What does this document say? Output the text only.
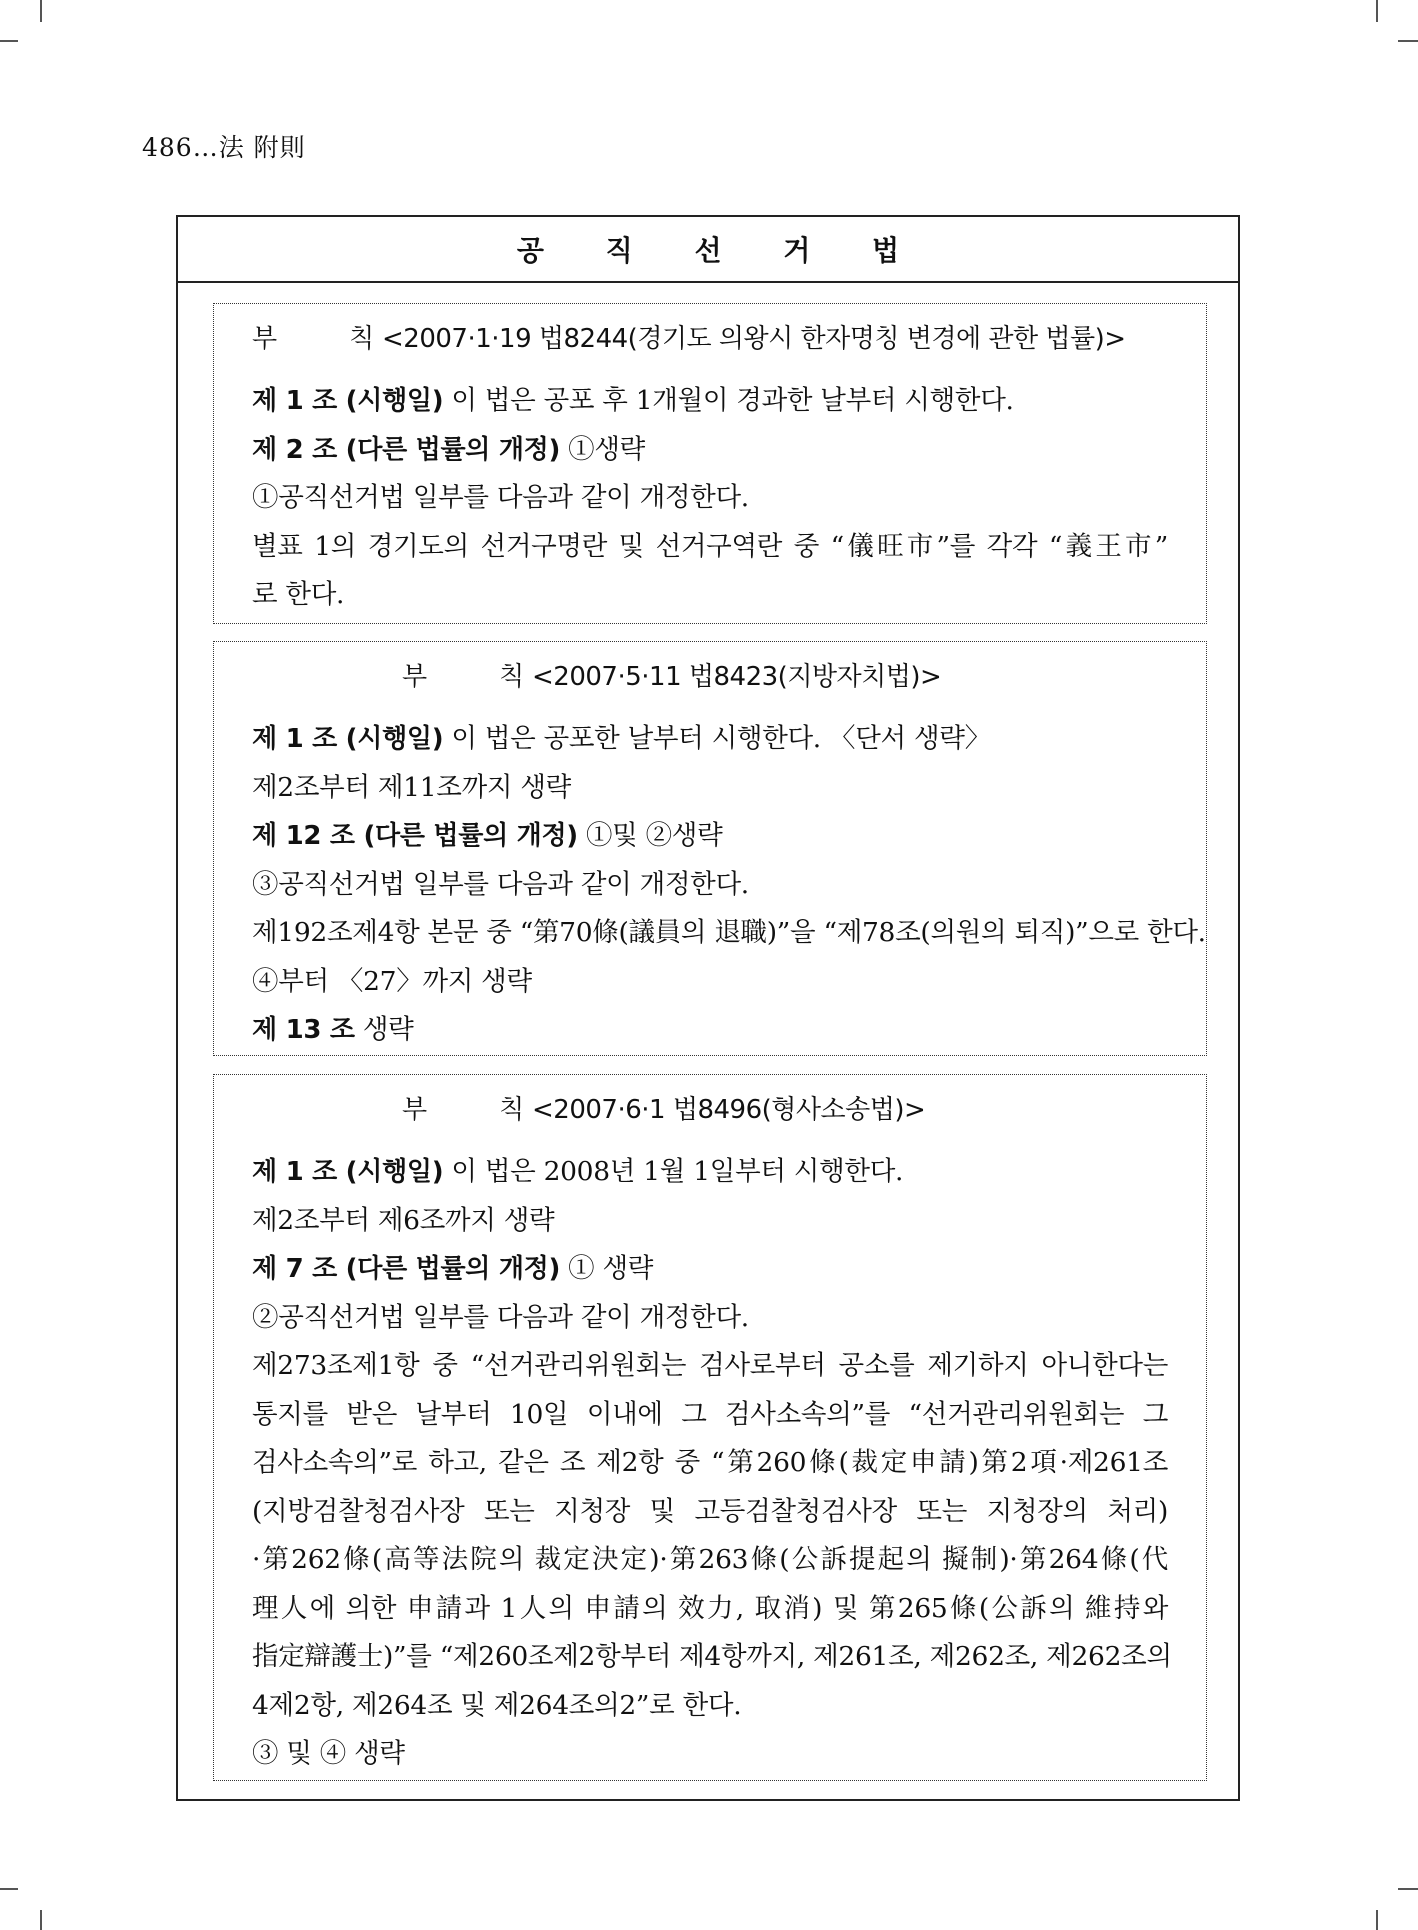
486…法 附則
공 직 선 거 법
부	칙 <2007·1·19 법8244(경기도 의왕시 한자명칭 변경에 관한 법률)>
제 1 조 (시행일) 이 법은 공포 후 1개월이 경과한 날부터 시행한다.
제 2 조 (다른 법률의 개정) ①생략
①공직선거법 일부를 다음과 같이 개정한다.
별표 1의 경기도의 선거구명란 및 선거구역란 중 “儀旺市”를 각각 “義王市”
로 한다.
부	칙 <2007·5·11 법8423(지방자치법)>
제 1 조 (시행일) 이 법은 공포한 날부터 시행한다. 〈단서 생략〉
제2조부터 제11조까지 생략
제 12 조 (다른 법률의 개정) ①및 ②생략
③공직선거법 일부를 다음과 같이 개정한다.
제192조제4항 본문 중 “第70條(議員의 退職)”을 “제78조(의원의 퇴직)”으로 한다.
④부터 〈27〉까지 생략
제 13 조 생략
부	칙 <2007·6·1 법8496(형사소송법)>
제 1 조 (시행일) 이 법은 2008년 1월 1일부터 시행한다.
제2조부터 제6조까지 생략
제 7 조 (다른 법률의 개정) ① 생략
②공직선거법 일부를 다음과 같이 개정한다.
제273조제1항 중 “선거관리위원회는 검사로부터 공소를 제기하지 아니한다는
통지를 받은 날부터 10일 이내에 그 검사소속의”를 “선거관리위원회는 그
검사소속의”로 하고, 같은 조 제2항 중 “第260條(裁定申請)第2項·제261조
(지방검찰청검사장 또는 지청장 및 고등검찰청검사장 또는 지청장의 처리)
·第262條(高等法院의 裁定決定)·第263條(公訴提起의 擬制)·第264條(代
理人에 의한 申請과 1人의 申請의 效力, 取消) 및 第265條(公訴의 維持와
指定辯護士)”를 “제260조제2항부터 제4항까지, 제261조, 제262조, 제262조의
4제2항, 제264조 및 제264조의2”로 한다.
③ 및 ④ 생략
